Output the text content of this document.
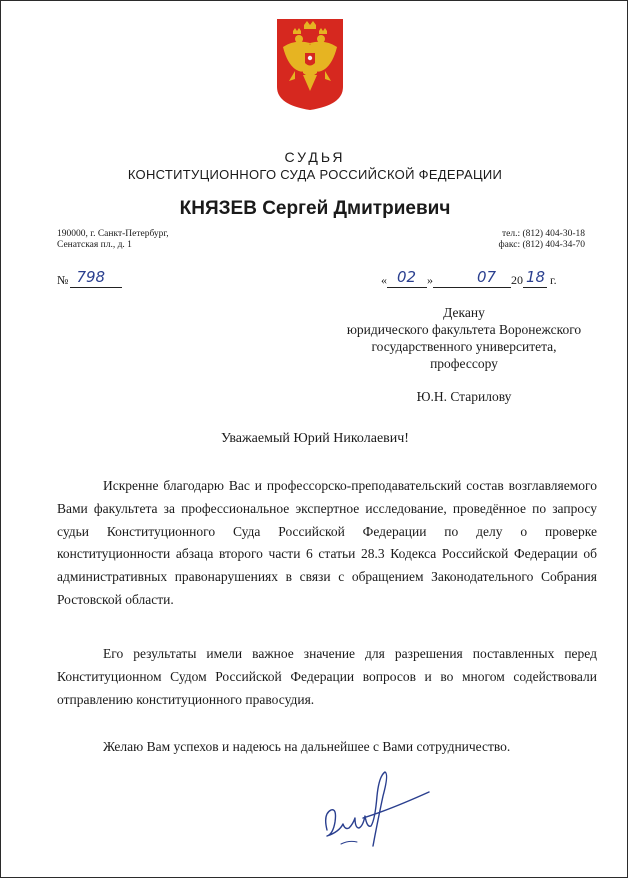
СУДЬЯ
КОНСТИТУЦИОННОГО СУДА РОССИЙСКОЙ ФЕДЕРАЦИИ
КНЯЗЕВ Сергей Дмитриевич
190000, г. Санкт-Петербург,
Сенатская пл., д. 1
тел.: (812) 404-30-18
факс: (812) 404-34-70
№ 798	« 02 »	07 20 18 г.
Декану
юридического факультета Воронежского
государственного университета,
профессору
Ю.Н. Старилову
Уважаемый Юрий Николаевич!
Искренне благодарю Вас и профессорско-преподавательский состав возглавляемого Вами факультета за профессиональное экспертное исследование, проведённое по запросу судьи Конституционного Суда Российской Федерации по делу о проверке конституционности абзаца второго части 6 статьи 28.3 Кодекса Российской Федерации об административных правонарушениях в связи с обращением Законодательного Собрания Ростовской области.
Его результаты имели важное значение для разрешения поставленных перед Конституционном Судом Российской Федерации вопросов и во многом содействовали отправлению конституционного правосудия.
Желаю Вам успехов и надеюсь на дальнейшее с Вами сотрудничество.
